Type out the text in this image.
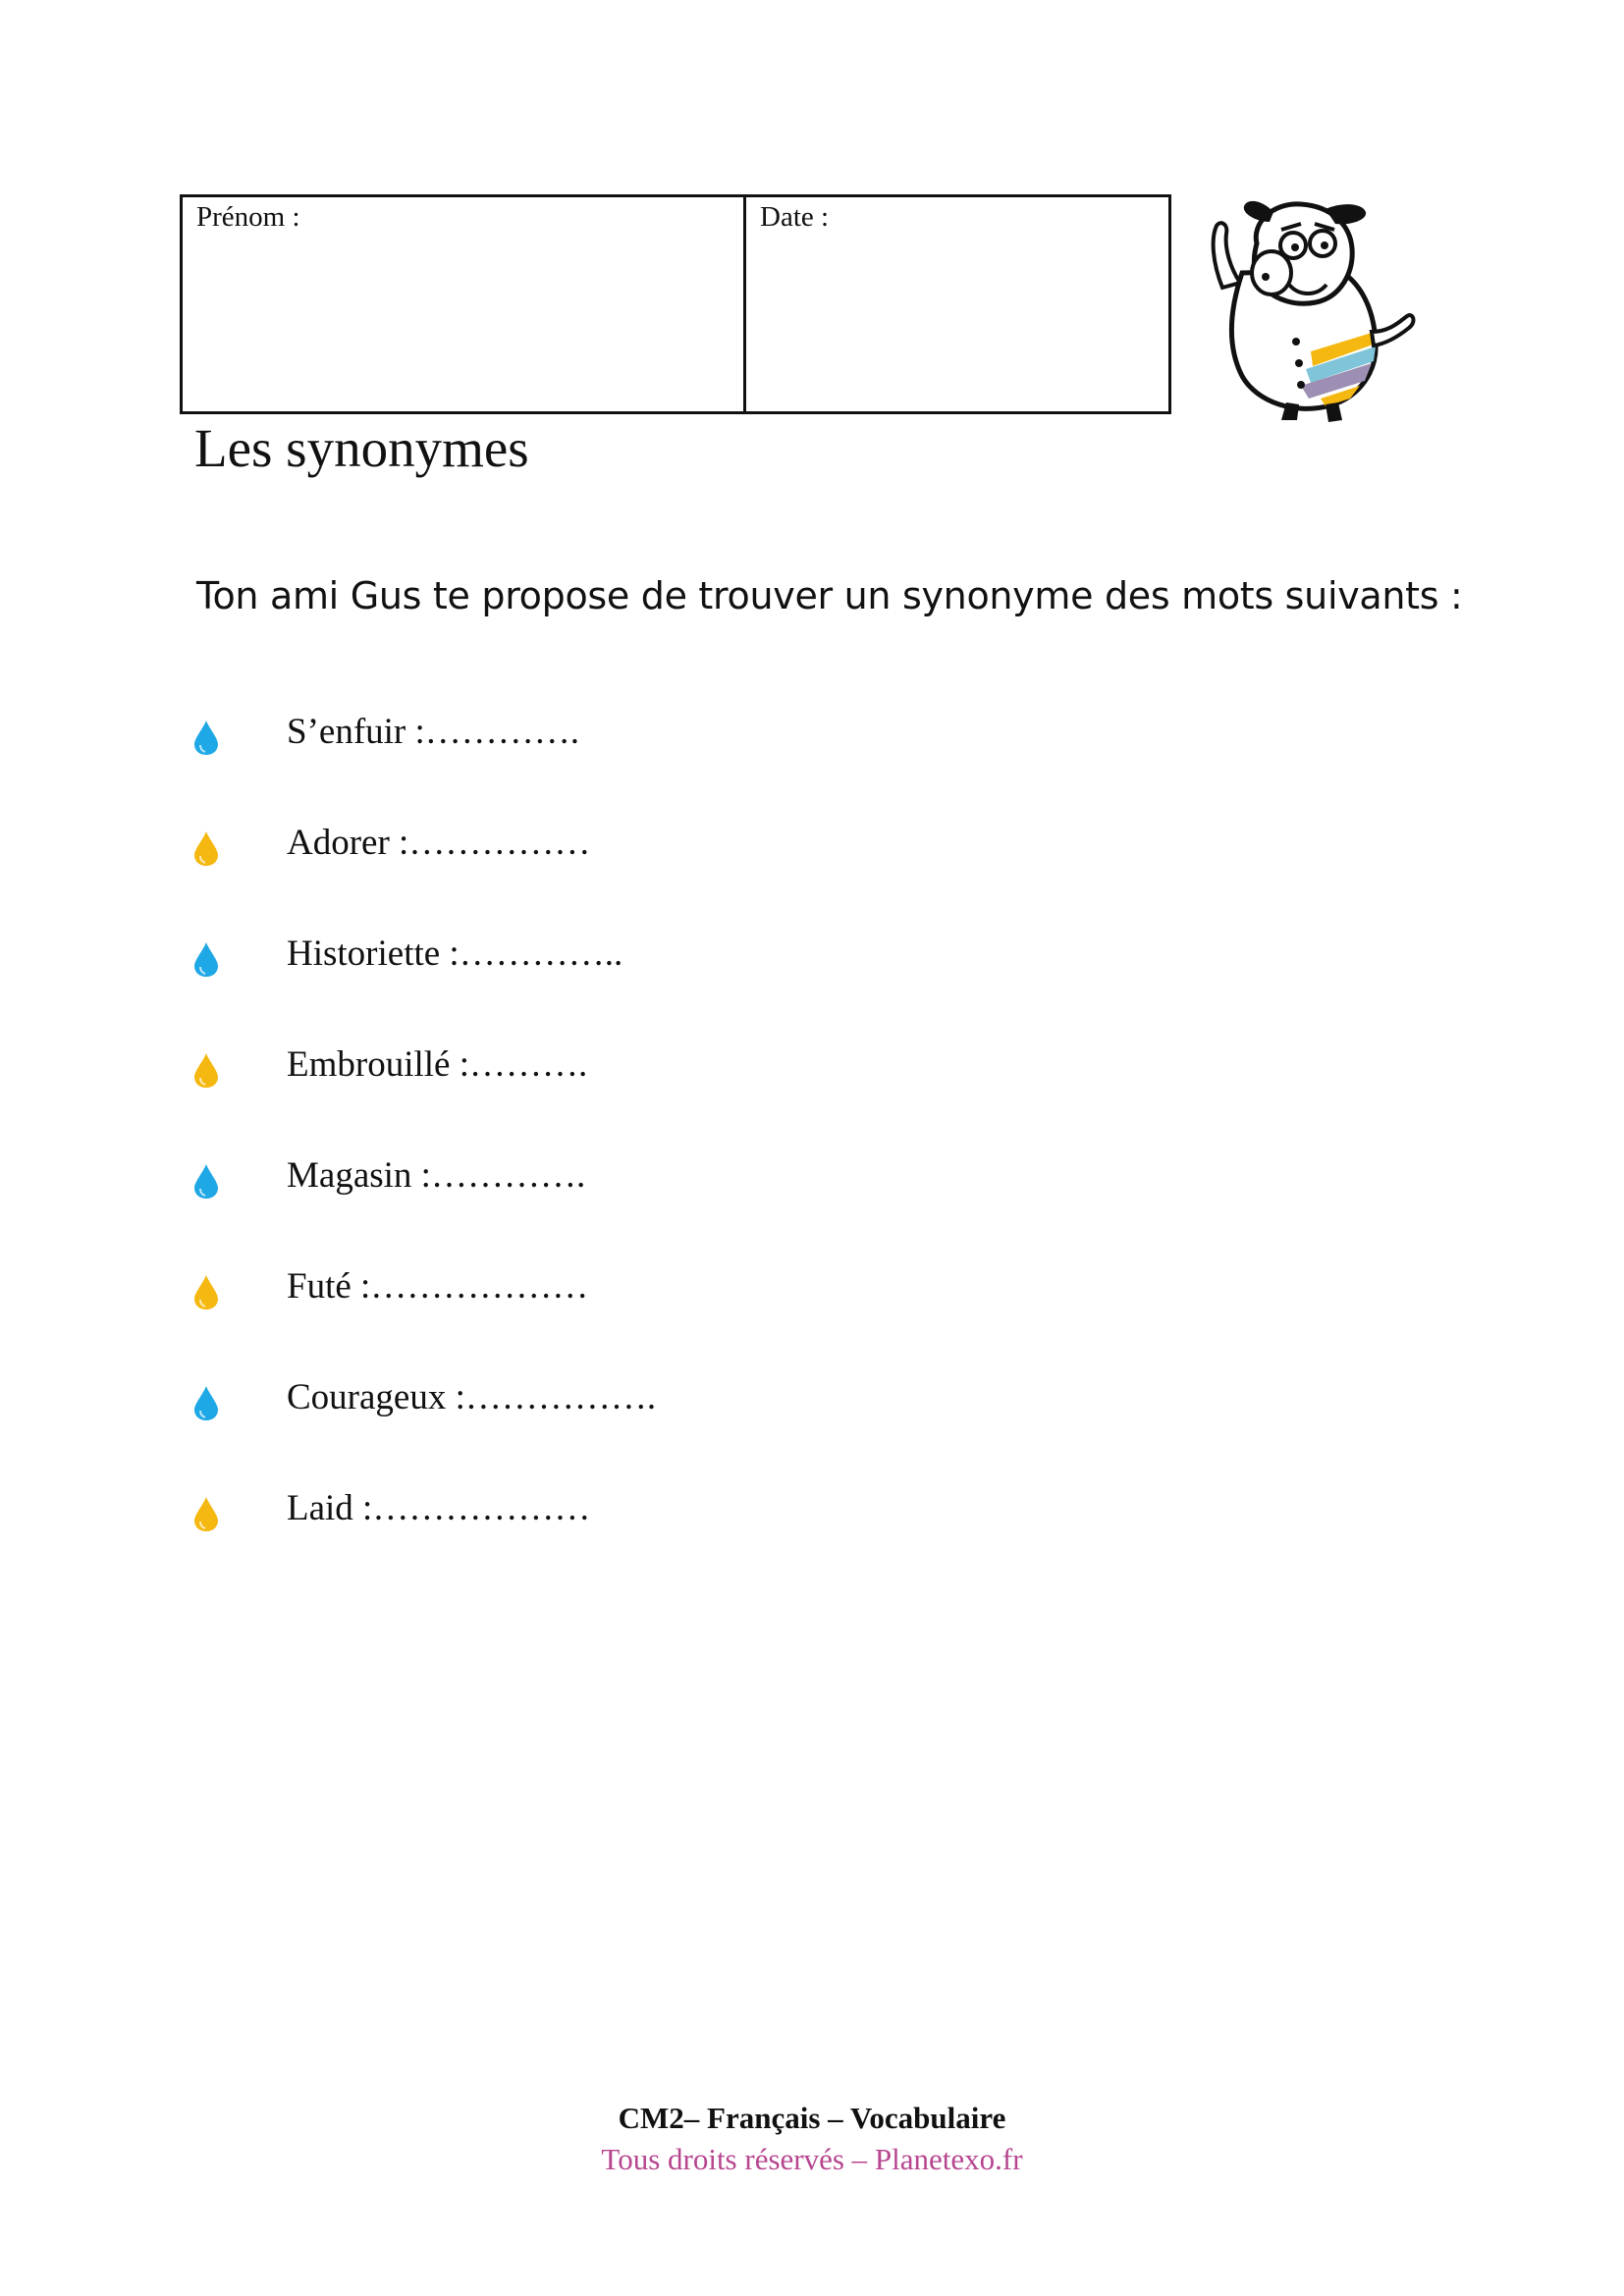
Prénom :	Date :
Les synonymes

Ton ami Gus te propose de trouver un synonyme des mots suivants :

S’enfuir :………….
Adorer :……………
Historiette :…………..
Embrouillé :……….
Magasin :………….
Futé :………………
Courageux :…………….
Laid :………………
CM2– Français – Vocabulaire
Tous droits réservés – Planetexo.fr
